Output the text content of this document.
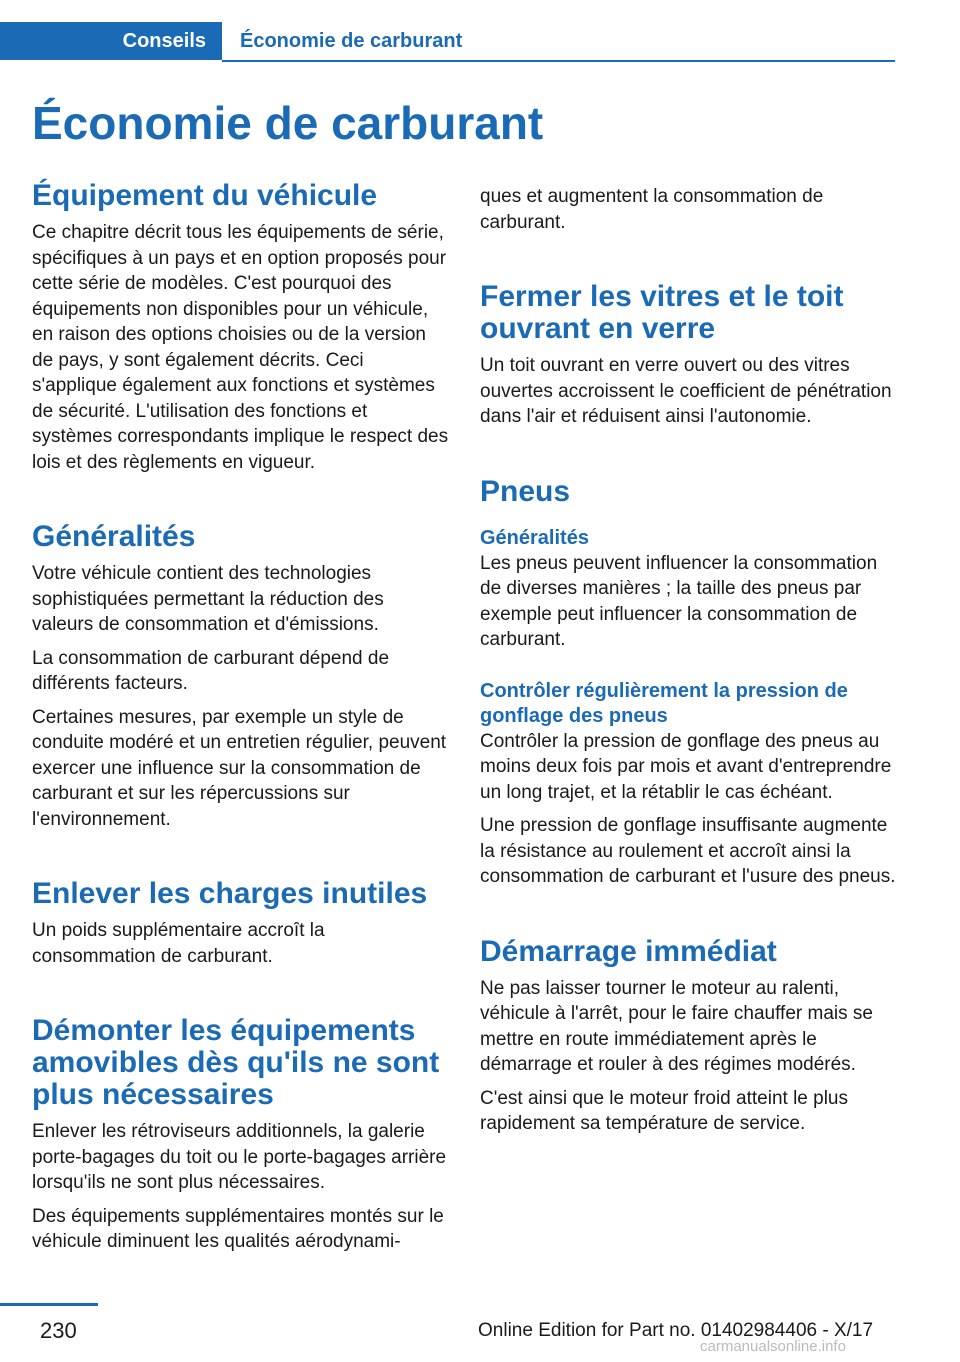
Conseils Économie de carburant
Économie de carburant
Équipement du véhicule

Ce chapitre décrit tous les équipements de série, spécifiques à un pays et en option proposés pour cette série de modèles. C'est pourquoi des équipements non disponibles pour un véhicule, en raison des options choisies ou de la version de pays, y sont également décrits. Ceci s'applique également aux fonctions et systèmes de sécurité. L'utilisation des fonctions et systèmes correspondants implique le respect des lois et des règlements en vigueur.

Généralités

Votre véhicule contient des technologies sophistiquées permettant la réduction des valeurs de consommation et d'émissions.

La consommation de carburant dépend de différents facteurs.

Certaines mesures, par exemple un style de conduite modéré et un entretien régulier, peuvent exercer une influence sur la consommation de carburant et sur les répercussions sur l'environnement.

Enlever les charges inutiles

Un poids supplémentaire accroît la consommation de carburant.

Démonter les équipements amovibles dès qu'ils ne sont plus nécessaires

Enlever les rétroviseurs additionnels, la galerie porte-bagages du toit ou le porte-bagages arrière lorsqu'ils ne sont plus nécessaires.

Des équipements supplémentaires montés sur le véhicule diminuent les qualités aérodynami-

ques et augmentent la consommation de carburant.

Fermer les vitres et le toit ouvrant en verre

Un toit ouvrant en verre ouvert ou des vitres ouvertes accroissent le coefficient de pénétration dans l'air et réduisent ainsi l'autonomie.

Pneus
Généralités

Les pneus peuvent influencer la consommation de diverses manières ; la taille des pneus par exemple peut influencer la consommation de carburant.

Contrôler régulièrement la pression de gonflage des pneus

Contrôler la pression de gonflage des pneus au moins deux fois par mois et avant d'entreprendre un long trajet, et la rétablir le cas échéant.

Une pression de gonflage insuffisante augmente la résistance au roulement et accroît ainsi la consommation de carburant et l'usure des pneus.

Démarrage immédiat

Ne pas laisser tourner le moteur au ralenti, véhicule à l'arrêt, pour le faire chauffer mais se mettre en route immédiatement après le démarrage et rouler à des régimes modérés.

C'est ainsi que le moteur froid atteint le plus rapidement sa température de service.

230	Online Edition for Part no. 01402984406 - X/17
carmanualsonline.info
